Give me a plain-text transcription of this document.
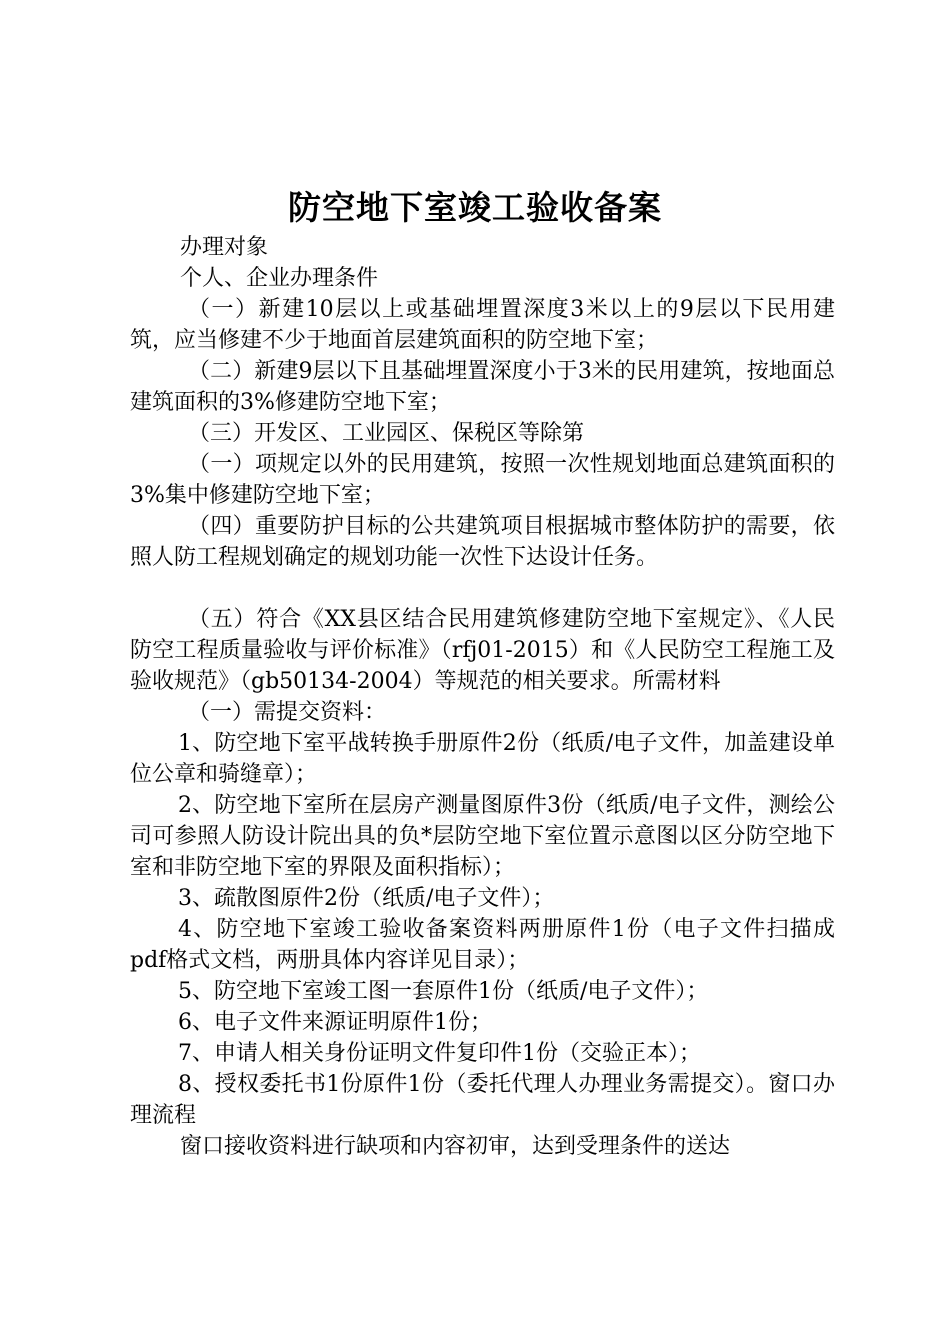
防空地下室竣工验收备案

办理对象

个人、企业办理条件

（一）新建10层以上或基础埋置深度3米以上的9层以下民用建筑，应当修建不少于地面首层建筑面积的防空地下室；

（二）新建9层以下且基础埋置深度小于3米的民用建筑，按地面总建筑面积的3%修建防空地下室；

（三）开发区、工业园区、保税区等除第

（一）项规定以外的民用建筑，按照一次性规划地面总建筑面积的3%集中修建防空地下室；

（四）重要防护目标的公共建筑项目根据城市整体防护的需要，依照人防工程规划确定的规划功能一次性下达设计任务。

（五）符合《XX县区结合民用建筑修建防空地下室规定》、《人民防空工程质量验收与评价标准》（rfj01-2015）和《人民防空工程施工及验收规范》（gb50134-2004）等规范的相关要求。所需材料

（一）需提交资料：

1、防空地下室平战转换手册原件2份（纸质/电子文件，加盖建设单位公章和骑缝章）；

2、防空地下室所在层房产测量图原件3份（纸质/电子文件，测绘公司可参照人防设计院出具的负*层防空地下室位置示意图以区分防空地下室和非防空地下室的界限及面积指标）；

3、疏散图原件2份（纸质/电子文件）；

4、防空地下室竣工验收备案资料两册原件1份（电子文件扫描成pdf格式文档，两册具体内容详见目录）；

5、防空地下室竣工图一套原件1份（纸质/电子文件）；

6、电子文件来源证明原件1份；

7、申请人相关身份证明文件复印件1份（交验正本）；

8、授权委托书1份原件1份（委托代理人办理业务需提交）。窗口办理流程

窗口接收资料进行缺项和内容初审，达到受理条件的送达
